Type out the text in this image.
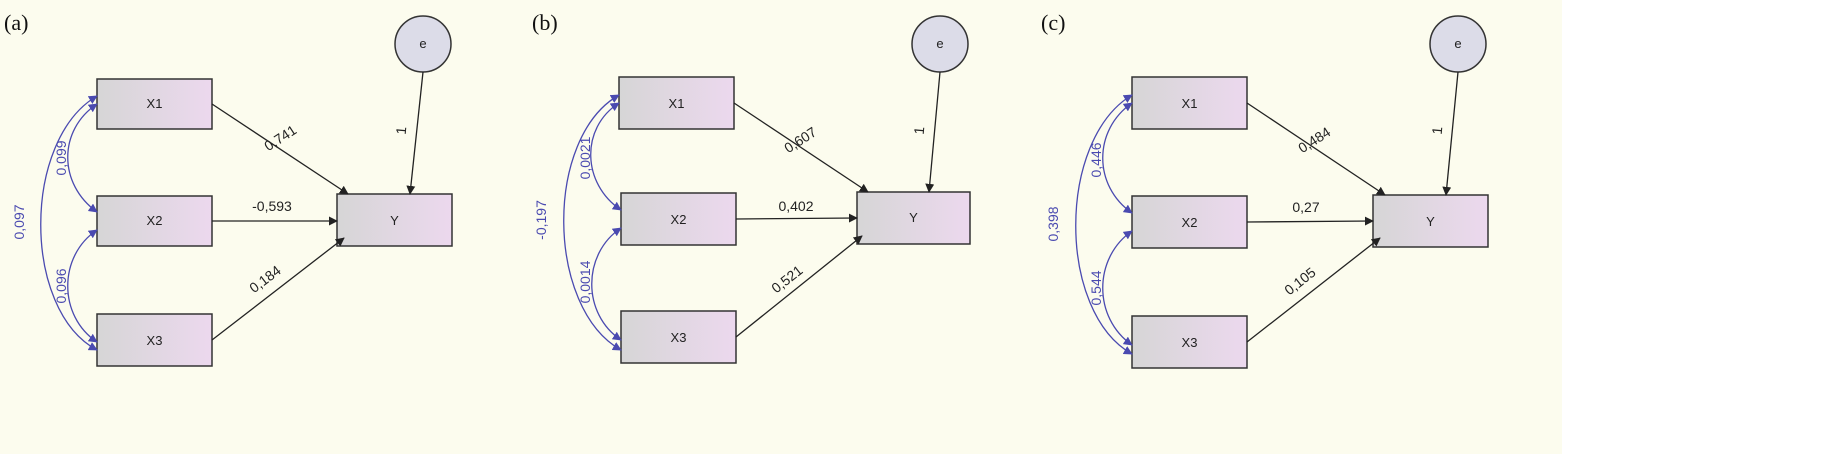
(a)
X1
X2
X3
Y
e
0,741
-0,593
0,184
1
0,099
0,096
0,097
(b)
X1
X2
X3
Y
e
0,607
0,402
0,521
1
0,0021
0,0014
-0,197
(c)
X1
X2
X3
Y
e
0,484
0,27
0,105
1
0,446
0,544
0,398
